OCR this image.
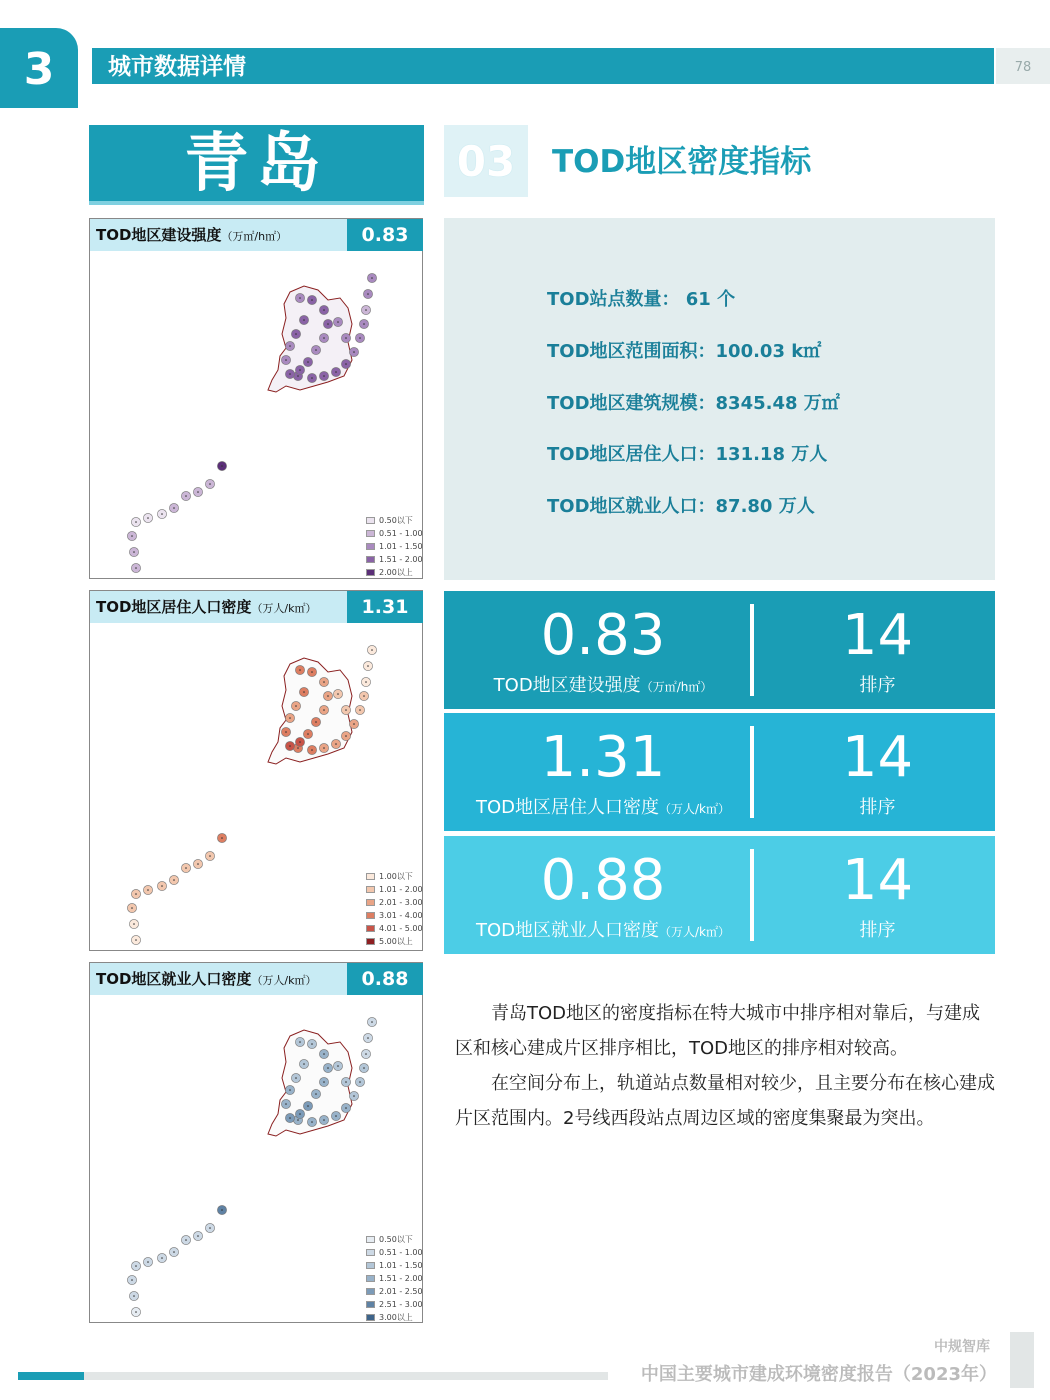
3	城市数据详情	78
青岛	03	TOD地区密度指标
TOD地区建设强度（万㎡/h㎡）	0.83
0.50以下
0.51 - 1.00
1.01 - 1.50
1.51 - 2.00
2.00以上
TOD地区居住人口密度（万人/k㎡）	1.31
1.00以下
1.01 - 2.00
2.01 - 3.00
3.01 - 4.00
4.01 - 5.00
5.00以上
TOD地区就业人口密度（万人/k㎡）	0.88
0.50以下
0.51 - 1.00
1.01 - 1.50
1.51 - 2.00
2.01 - 2.50
2.51 - 3.00
3.00以上
TOD站点数量： 61 个
TOD地区范围面积：100.03 k㎡
TOD地区建筑规模：8345.48 万㎡
TOD地区居住人口：131.18 万人
TOD地区就业人口：87.80 万人
0.83
TOD地区建设强度（万㎡/h㎡）
14
排序
1.31
TOD地区居住人口密度（万人/k㎡）
14
排序
0.88
TOD地区就业人口密度（万人/k㎡）
14
排序

青岛TOD地区的密度指标在特大城市中排序相对靠后，与建成区和核心建成片区排序相比，TOD地区的排序相对较高。

在空间分布上，轨道站点数量相对较少，且主要分布在核心建成片区范围内。2号线西段站点周边区域的密度集聚最为突出。

中规智库
中国主要城市建成环境密度报告（2023年）
